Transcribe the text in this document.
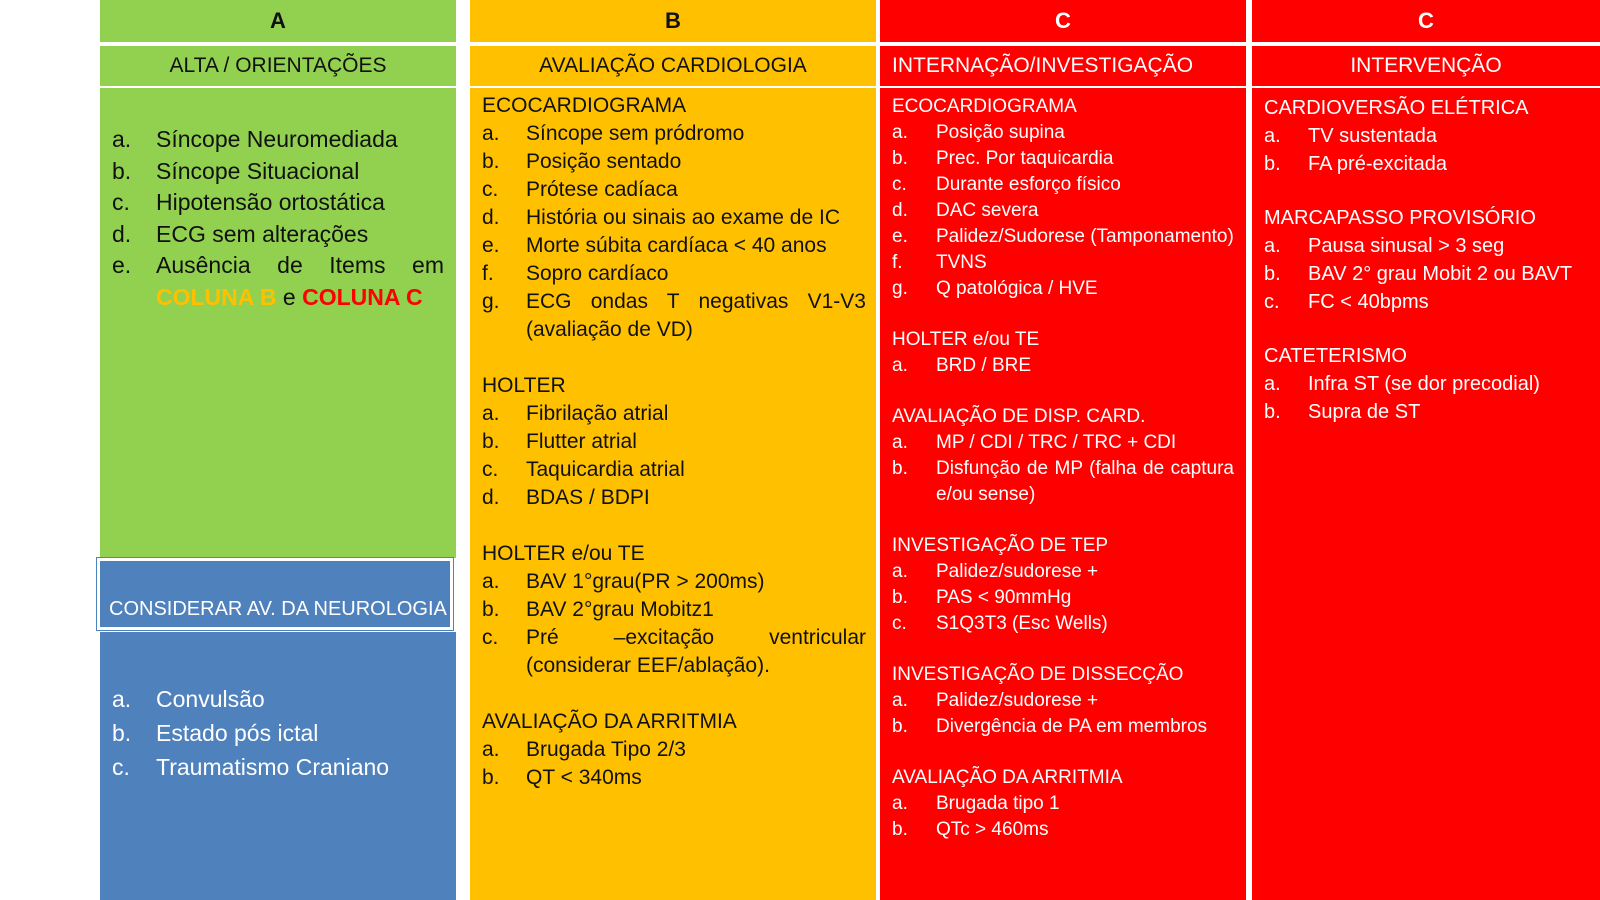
A
ALTA / ORIENTAÇÕES
a.	Síncope Neuromediada
b.	Síncope Situacional
c.	Hipotensão ortostática
d.	ECG sem alterações
e.	Ausência de Items em
COLUNA B e COLUNA C
CONSIDERAR AV. DA NEUROLOGIA
a.	Convulsão
b.	Estado pós ictal
c.	Traumatismo Craniano
B
AVALIAÇÃO CARDIOLOGIA
ECOCARDIOGRAMA
a.	Síncope sem pródromo
b.	Posição sentado
c.	Prótese cadíaca
d.	História ou sinais ao exame de IC
e.	Morte súbita cardíaca < 40 anos
f.	Sopro cardíaco
g.	ECG ondas T negativas V1-V3 (avaliação de VD)
HOLTER
a.	Fibrilação atrial
b.	Flutter atrial
c.	Taquicardia atrial
d.	BDAS / BDPI
HOLTER e/ou TE
a.	BAV 1°grau(PR > 200ms)
b.	BAV 2°grau Mobitz1
c.	Pré –excitação ventricular (considerar EEF/ablação).
AVALIAÇÃO DA ARRITMIA
a.	Brugada Tipo 2/3
b.	QT < 340ms
C
INTERNAÇÃO/INVESTIGAÇÃO
ECOCARDIOGRAMA
a.	Posição supina
b.	Prec. Por taquicardia
c.	Durante esforço físico
d.	DAC severa
e.	Palidez/Sudorese (Tamponamento)
f.	TVNS
g.	Q patológica / HVE
HOLTER e/ou TE
a.	BRD / BRE
AVALIAÇÃO DE DISP. CARD.
a.	MP / CDI / TRC / TRC + CDI
b.	Disfunção de MP (falha de captura e/ou sense)
INVESTIGAÇÃO DE TEP
a.	Palidez/sudorese +
b.	PAS < 90mmHg
c.	S1Q3T3 (Esc Wells)
INVESTIGAÇÃO DE DISSECÇÃO
a.	Palidez/sudorese +
b.	Divergência de PA em membros
AVALIAÇÃO DA ARRITMIA
a.	Brugada tipo 1
b.	QTc > 460ms
C
INTERVENÇÃO
CARDIOVERSÃO ELÉTRICA
a.	TV sustentada
b.	FA pré-excitada
MARCAPASSO PROVISÓRIO
a.	Pausa sinusal > 3 seg
b.	BAV 2° grau Mobit 2 ou BAVT
c.	FC < 40bpms
CATETERISMO
a.	Infra ST (se dor precodial)
b.	Supra de ST
